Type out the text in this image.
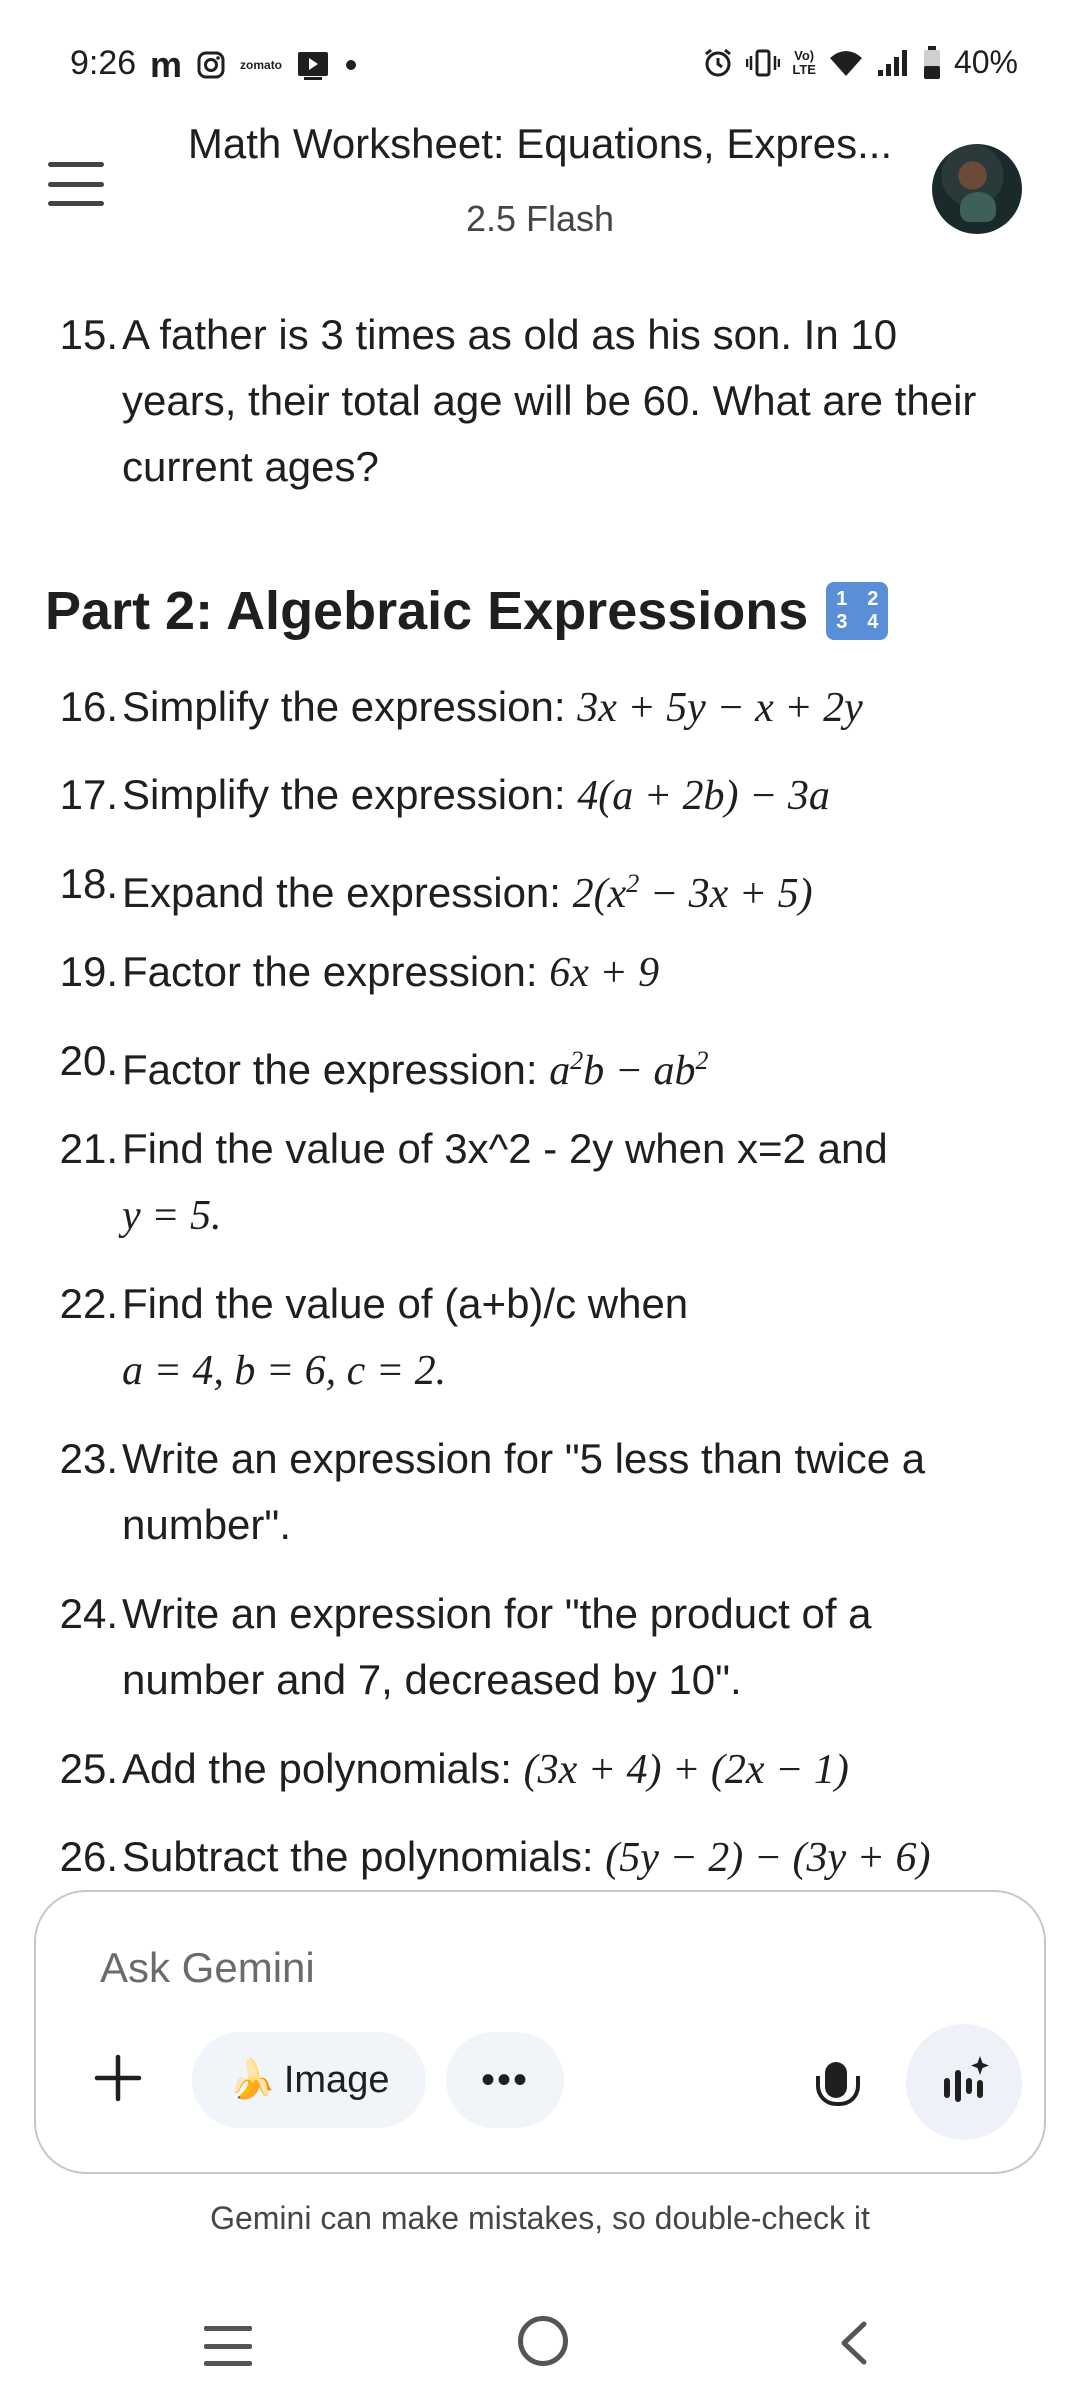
9:26 m	zomato
Vo)
LTE	40%
Math Worksheet: Equations, Expres...
2.5 Flash
15. A father is 3 times as old as his son. In 10 years, their total age will be 60. What are their current ages?
Part 2: Algebraic Expressions	1 2
3 4
16. Simplify the expression: 3x + 5y − x + 2y
17. Simplify the expression: 4(a + 2b) − 3a
18. Expand the expression: $2(x^2 - 3x + 5)$
19. Factor the expression: 6x + 9
20. Factor the expression: $a^2b - ab^2$
21. Find the value of 3x^2 - 2y when x=2 and
y = 5.
22. Find the value of (a+b)/c when
a = 4, b = 6, c = 2.
23. Write an expression for "5 less than twice a number".
24. Write an expression for "the product of a number and 7, decreased by 10".
25. Add the polynomials: (3x + 4) + (2x − 1)
26. Subtract the polynomials: (5y − 2) − (3y + 6)
Ask Gemini
🍌 Image	•••
Gemini can make mistakes, so double-check it
